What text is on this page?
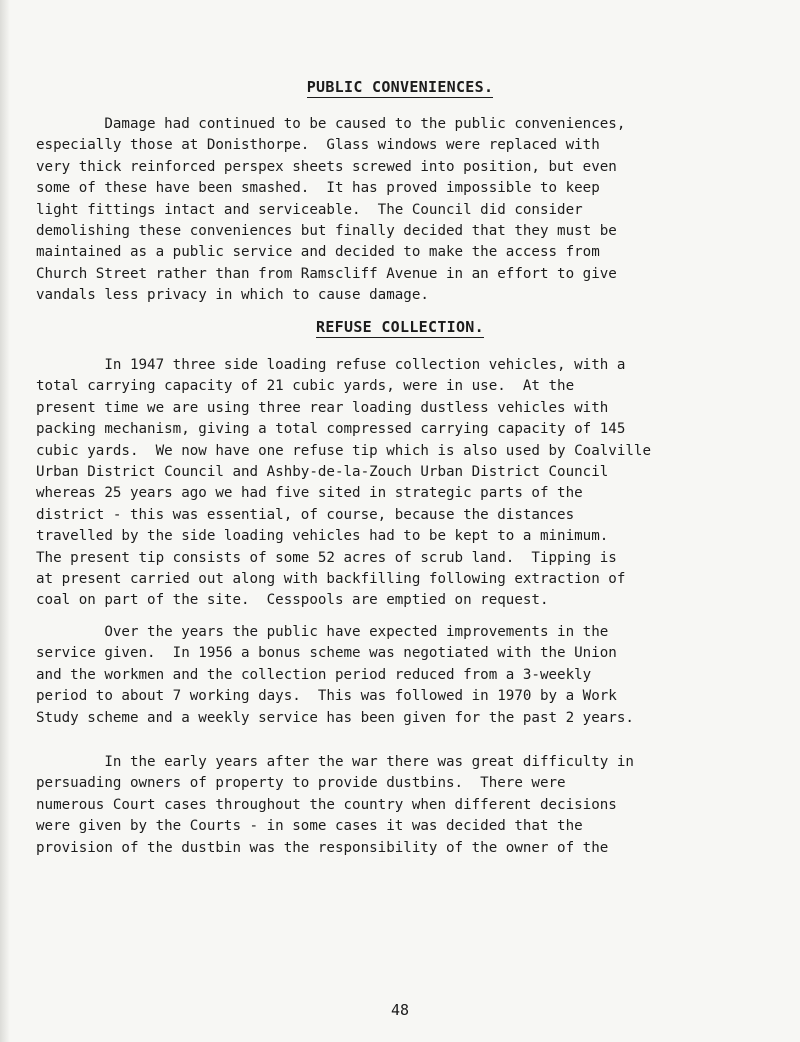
PUBLIC CONVENIENCES.

Damage had continued to be caused to the public conveniences,
especially those at Donisthorpe.  Glass windows were replaced with
very thick reinforced perspex sheets screwed into position, but even
some of these have been smashed.  It has proved impossible to keep
light fittings intact and serviceable.  The Council did consider
demolishing these conveniences but finally decided that they must be
maintained as a public service and decided to make the access from
Church Street rather than from Ramscliff Avenue in an effort to give
vandals less privacy in which to cause damage.

REFUSE COLLECTION.

In 1947 three side loading refuse collection vehicles, with a
total carrying capacity of 21 cubic yards, were in use.  At the
present time we are using three rear loading dustless vehicles with
packing mechanism, giving a total compressed carrying capacity of 145
cubic yards.  We now have one refuse tip which is also used by Coalville
Urban District Council and Ashby-de-la-Zouch Urban District Council
whereas 25 years ago we had five sited in strategic parts of the
district - this was essential, of course, because the distances
travelled by the side loading vehicles had to be kept to a minimum.
The present tip consists of some 52 acres of scrub land.  Tipping is
at present carried out along with backfilling following extraction of
coal on part of the site.  Cesspools are emptied on request.

Over the years the public have expected improvements in the
service given.  In 1956 a bonus scheme was negotiated with the Union
and the workmen and the collection period reduced from a 3-weekly
period to about 7 working days.  This was followed in 1970 by a Work
Study scheme and a weekly service has been given for the past 2 years.

In the early years after the war there was great difficulty in
persuading owners of property to provide dustbins.  There were
numerous Court cases throughout the country when different decisions
were given by the Courts - in some cases it was decided that the
provision of the dustbin was the responsibility of the owner of the

48
